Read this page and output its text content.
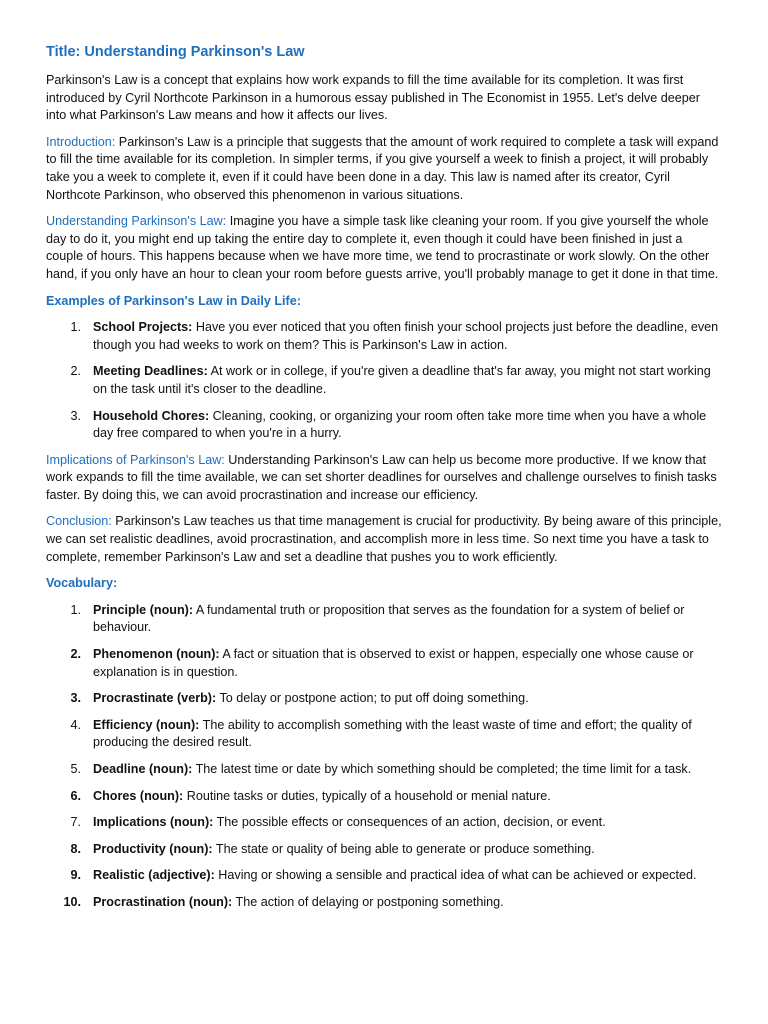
Title: Understanding Parkinson's Law

Parkinson's Law is a concept that explains how work expands to fill the time available for its completion. It was first introduced by Cyril Northcote Parkinson in a humorous essay published in The Economist in 1955. Let's delve deeper into what Parkinson's Law means and how it affects our lives.

Introduction: Parkinson's Law is a principle that suggests that the amount of work required to complete a task will expand to fill the time available for its completion. In simpler terms, if you give yourself a week to finish a project, it will probably take you a week to complete it, even if it could have been done in a day. This law is named after its creator, Cyril Northcote Parkinson, who observed this phenomenon in various situations.

Understanding Parkinson's Law: Imagine you have a simple task like cleaning your room. If you give yourself the whole day to do it, you might end up taking the entire day to complete it, even though it could have been finished in just a couple of hours. This happens because when we have more time, we tend to procrastinate or work slowly. On the other hand, if you only have an hour to clean your room before guests arrive, you'll probably manage to get it done in that time.

Examples of Parkinson's Law in Daily Life:
1. School Projects: Have you ever noticed that you often finish your school projects just before the deadline, even though you had weeks to work on them? This is Parkinson's Law in action.
2. Meeting Deadlines: At work or in college, if you're given a deadline that's far away, you might not start working on the task until it's closer to the deadline.
3. Household Chores: Cleaning, cooking, or organizing your room often take more time when you have a whole day free compared to when you're in a hurry.

Implications of Parkinson's Law: Understanding Parkinson's Law can help us become more productive. If we know that work expands to fill the time available, we can set shorter deadlines for ourselves and challenge ourselves to finish tasks faster. By doing this, we can avoid procrastination and increase our efficiency.

Conclusion: Parkinson's Law teaches us that time management is crucial for productivity. By being aware of this principle, we can set realistic deadlines, avoid procrastination, and accomplish more in less time. So next time you have a task to complete, remember Parkinson's Law and set a deadline that pushes you to work efficiently.

Vocabulary:
1. Principle (noun): A fundamental truth or proposition that serves as the foundation for a system of belief or behaviour.
2. Phenomenon (noun): A fact or situation that is observed to exist or happen, especially one whose cause or explanation is in question.
3. Procrastinate (verb): To delay or postpone action; to put off doing something.
4. Efficiency (noun): The ability to accomplish something with the least waste of time and effort; the quality of producing the desired result.
5. Deadline (noun): The latest time or date by which something should be completed; the time limit for a task.
6. Chores (noun): Routine tasks or duties, typically of a household or menial nature.
7. Implications (noun): The possible effects or consequences of an action, decision, or event.
8. Productivity (noun): The state or quality of being able to generate or produce something.
9. Realistic (adjective): Having or showing a sensible and practical idea of what can be achieved or expected.
10. Procrastination (noun): The action of delaying or postponing something.
